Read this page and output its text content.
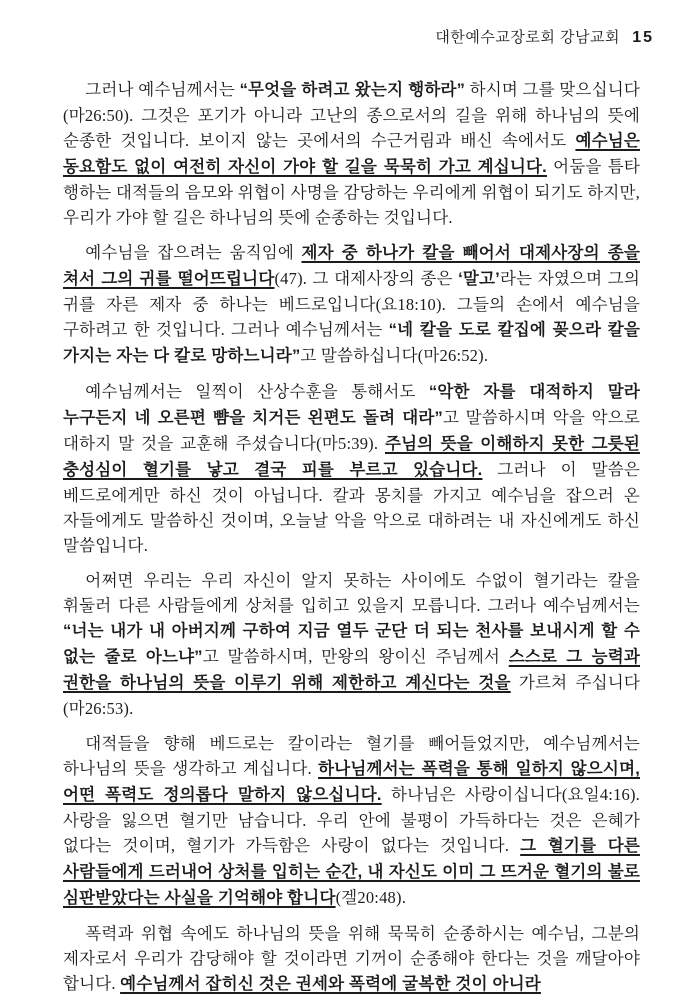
대한예수교장로회 강남교회 15

그러나 예수님께서는 “무엇을 하려고 왔는지 행하라” 하시며 그를 맞으십니다(마26:50). 그것은 포기가 아니라 고난의 종으로서의 길을 위해 하나님의 뜻에 순종한 것입니다. 보이지 않는 곳에서의 수근거림과 배신 속에서도 예수님은 동요함도 없이 여전히 자신이 가야 할 길을 묵묵히 가고 계십니다. 어둠을 틈타 행하는 대적들의 음모와 위협이 사명을 감당하는 우리에게 위협이 되기도 하지만, 우리가 가야 할 길은 하나님의 뜻에 순종하는 것입니다.

예수님을 잡으려는 움직임에 제자 중 하나가 칼을 빼어서 대제사장의 종을 쳐서 그의 귀를 떨어뜨립니다(47). 그 대제사장의 종은 ‘말고’라는 자였으며 그의 귀를 자른 제자 중 하나는 베드로입니다(요18:10). 그들의 손에서 예수님을 구하려고 한 것입니다. 그러나 예수님께서는 “네 칼을 도로 칼집에 꽂으라 칼을 가지는 자는 다 칼로 망하느니라”고 말씀하십니다(마26:52).

예수님께서는 일찍이 산상수훈을 통해서도 “악한 자를 대적하지 말라 누구든지 네 오른편 뺨을 치거든 왼편도 돌려 대라”고 말씀하시며 악을 악으로 대하지 말 것을 교훈해 주셨습니다(마5:39). 주님의 뜻을 이해하지 못한 그릇된 충성심이 혈기를 낳고 결국 피를 부르고 있습니다. 그러나 이 말씀은 베드로에게만 하신 것이 아닙니다. 칼과 몽치를 가지고 예수님을 잡으러 온 자들에게도 말씀하신 것이며, 오늘날 악을 악으로 대하려는 내 자신에게도 하신 말씀입니다.

어쩌면 우리는 우리 자신이 알지 못하는 사이에도 수없이 혈기라는 칼을 휘둘러 다른 사람들에게 상처를 입히고 있을지 모릅니다. 그러나 예수님께서는 “너는 내가 내 아버지께 구하여 지금 열두 군단 더 되는 천사를 보내시게 할 수 없는 줄로 아느냐”고 말씀하시며, 만왕의 왕이신 주님께서 스스로 그 능력과 권한을 하나님의 뜻을 이루기 위해 제한하고 계신다는 것을 가르쳐 주십니다(마26:53).

대적들을 향해 베드로는 칼이라는 혈기를 빼어들었지만, 예수님께서는 하나님의 뜻을 생각하고 계십니다. 하나님께서는 폭력을 통해 일하지 않으시며, 어떤 폭력도 정의롭다 말하지 않으십니다. 하나님은 사랑이십니다(요일4:16). 사랑을 잃으면 혈기만 남습니다. 우리 안에 불평이 가득하다는 것은 은혜가 없다는 것이며, 혈기가 가득함은 사랑이 없다는 것입니다. 그 혈기를 다른 사람들에게 드러내어 상처를 입히는 순간, 내 자신도 이미 그 뜨거운 혈기의 불로 심판받았다는 사실을 기억해야 합니다(겔20:48).

폭력과 위협 속에도 하나님의 뜻을 위해 묵묵히 순종하시는 예수님, 그분의 제자로서 우리가 감당해야 할 것이라면 기꺼이 순종해야 한다는 것을 깨달아야 합니다. 예수님께서 잡히신 것은 권세와 폭력에 굴복한 것이 아니라
